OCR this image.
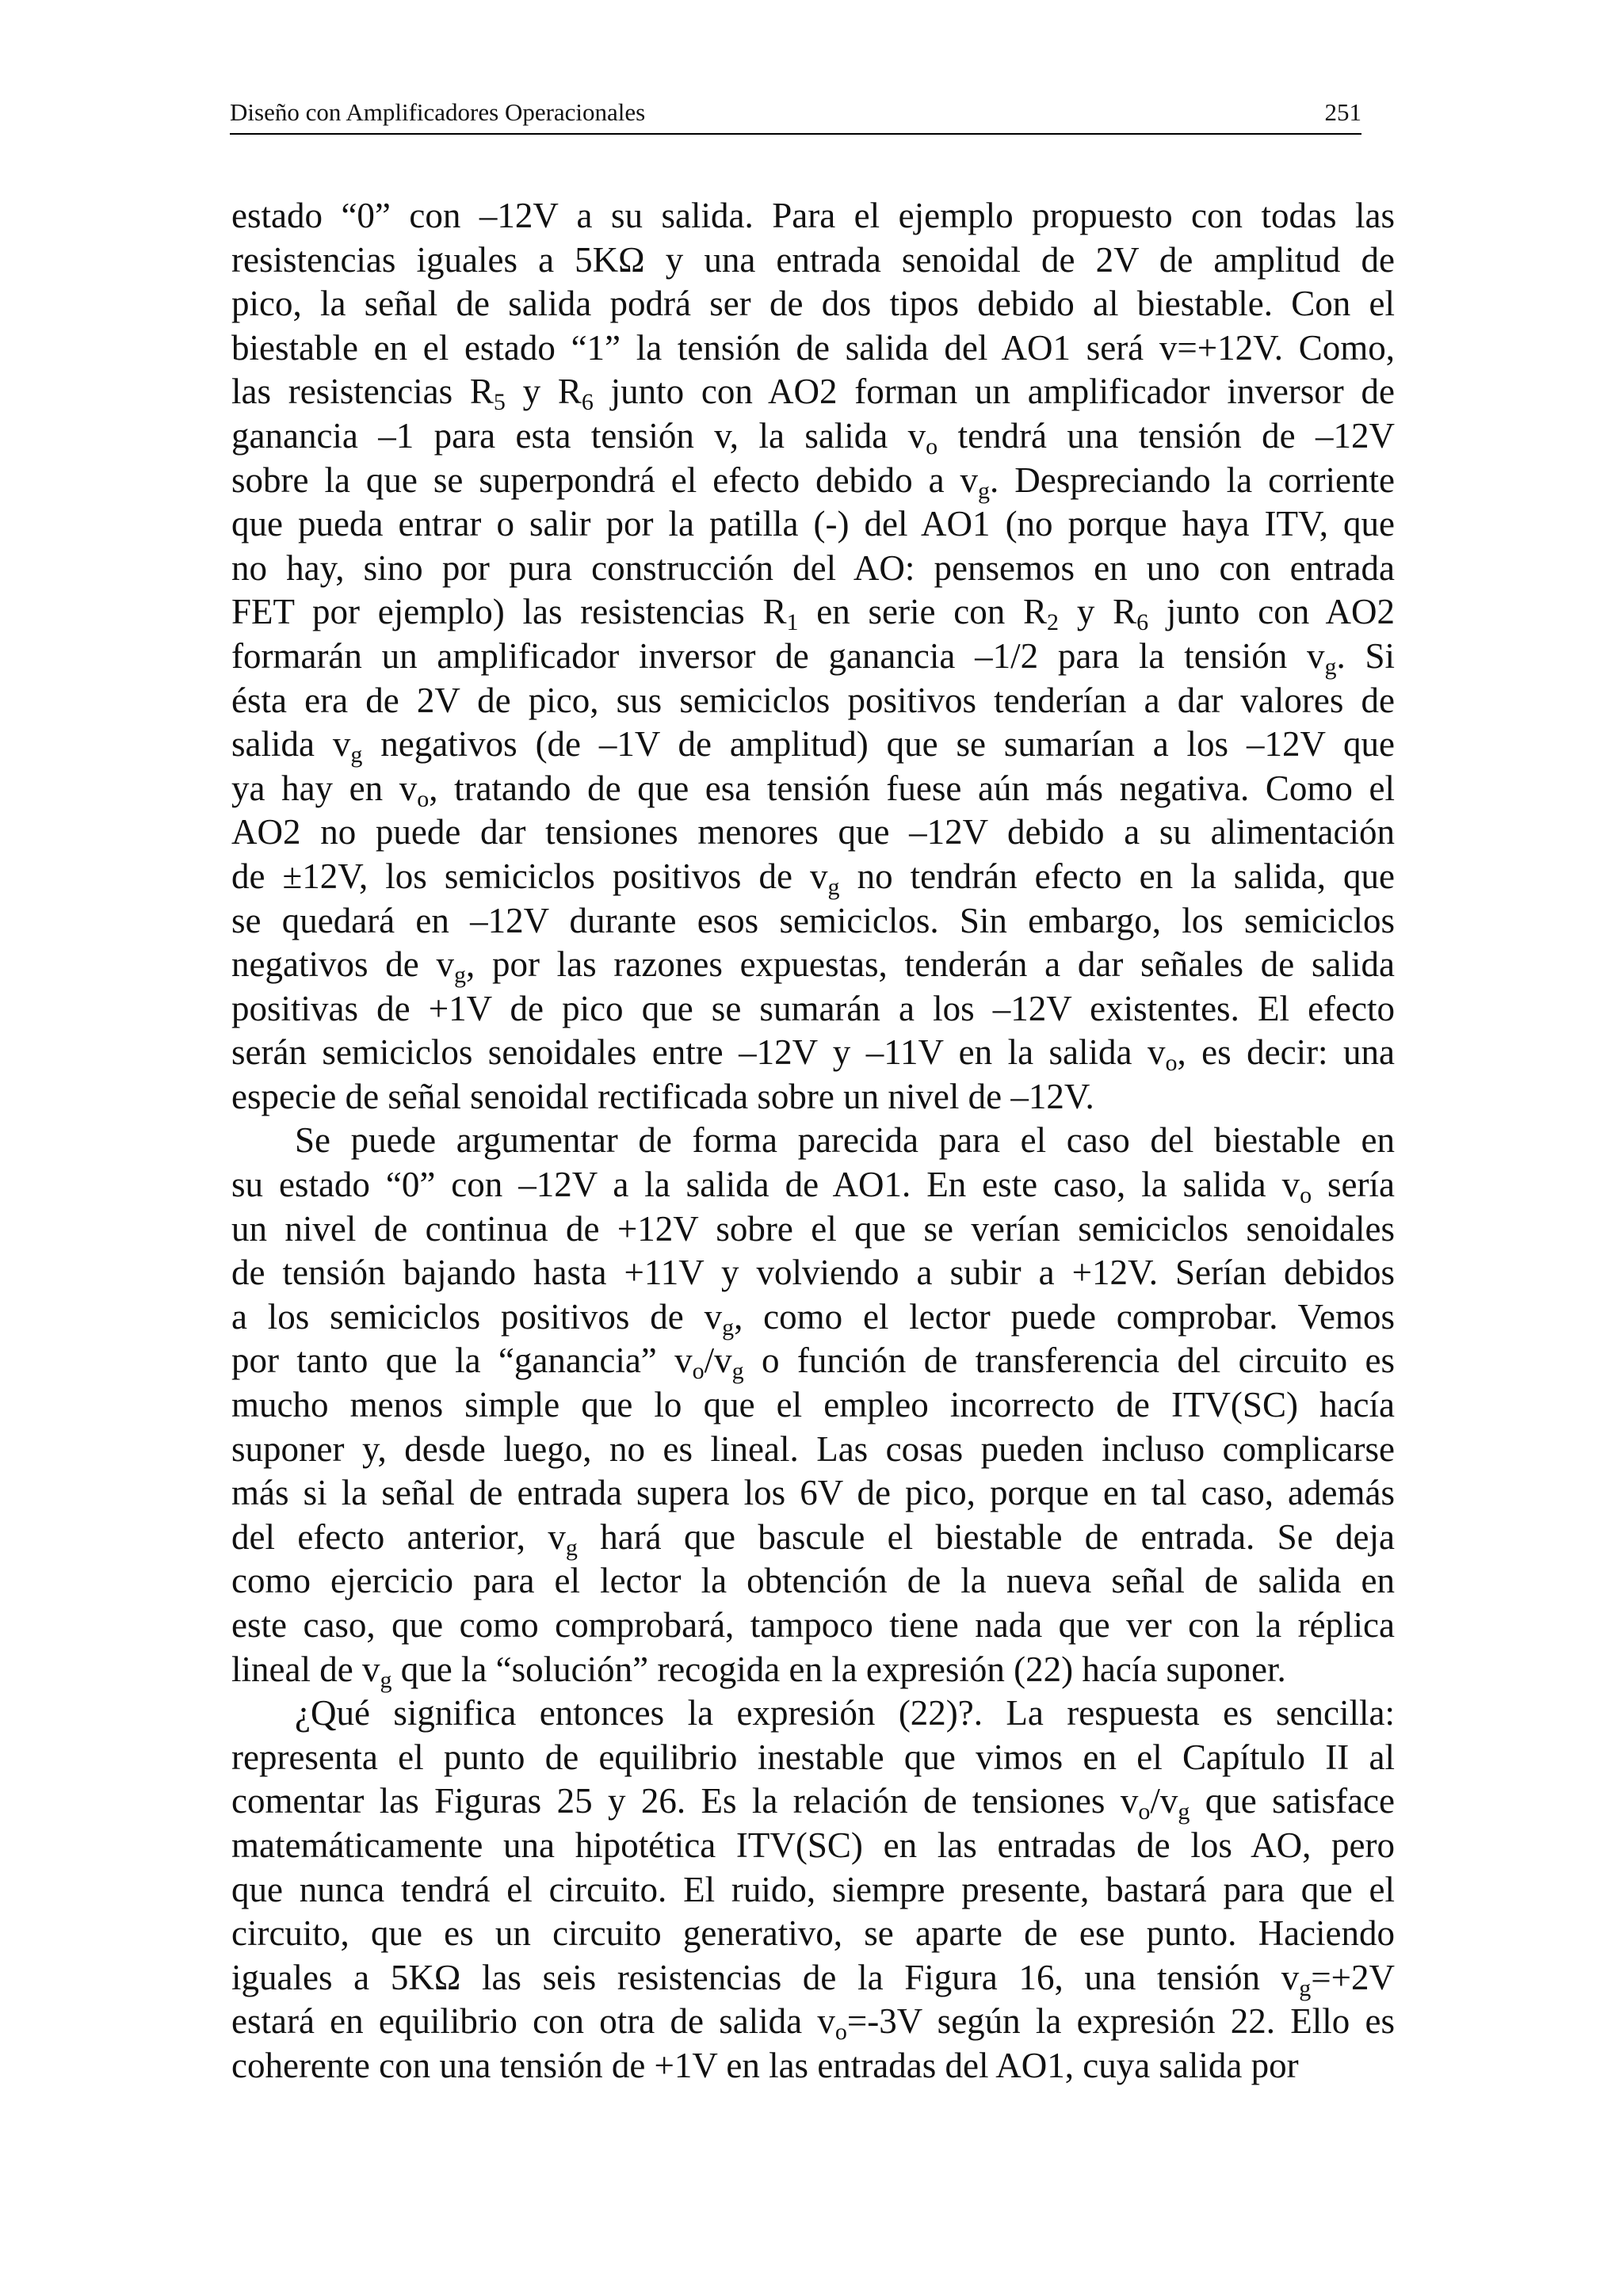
Diseño con Amplificadores Operacionales	251
estado “0” con –12V a su salida. Para el ejemplo propuesto con todas las
resistencias iguales a 5KΩ y una entrada senoidal de 2V de amplitud de
pico, la señal de salida podrá ser de dos tipos debido al biestable. Con el
biestable en el estado “1” la tensión de salida del AO1 será v=+12V. Como,
las resistencias $R_5$ y $R_6$ junto con AO2 forman un amplificador inversor de
ganancia –1 para esta tensión v, la salida $v_o$ tendrá una tensión de –12V
sobre la que se superpondrá el efecto debido a $v_g$. Despreciando la corriente
que pueda entrar o salir por la patilla (-) del AO1 (no porque haya ITV, que
no hay, sino por pura construcción del AO: pensemos en uno con entrada
FET por ejemplo) las resistencias $R_1$ en serie con $R_2$ y $R_6$ junto con AO2
formarán un amplificador inversor de ganancia –1/2 para la tensión $v_g$. Si
ésta era de 2V de pico, sus semiciclos positivos tenderían a dar valores de
salida $v_g$ negativos (de –1V de amplitud) que se sumarían a los –12V que
ya hay en $v_o$, tratando de que esa tensión fuese aún más negativa. Como el
AO2 no puede dar tensiones menores que –12V debido a su alimentación
de ±12V, los semiciclos positivos de $v_g$ no tendrán efecto en la salida, que
se quedará en –12V durante esos semiciclos. Sin embargo, los semiciclos
negativos de $v_g$, por las razones expuestas, tenderán a dar señales de salida
positivas de +1V de pico que se sumarán a los –12V existentes. El efecto
serán semiciclos senoidales entre –12V y –11V en la salida $v_o$, es decir: una
especie de señal senoidal rectificada sobre un nivel de –12V.
Se puede argumentar de forma parecida para el caso del biestable en
su estado “0” con –12V a la salida de AO1. En este caso, la salida $v_o$ sería
un nivel de continua de +12V sobre el que se verían semiciclos senoidales
de tensión bajando hasta +11V y volviendo a subir a +12V. Serían debidos
a los semiciclos positivos de $v_g$, como el lector puede comprobar. Vemos
por tanto que la “ganancia” $v_o/v_g$ o función de transferencia del circuito es
mucho menos simple que lo que el empleo incorrecto de ITV(SC) hacía
suponer y, desde luego, no es lineal. Las cosas pueden incluso complicarse
más si la señal de entrada supera los 6V de pico, porque en tal caso, además
del efecto anterior, $v_g$ hará que bascule el biestable de entrada. Se deja
como ejercicio para el lector la obtención de la nueva señal de salida en
este caso, que como comprobará, tampoco tiene nada que ver con la réplica
lineal de $v_g$ que la “solución” recogida en la expresión (22) hacía suponer.
¿Qué significa entonces la expresión (22)?. La respuesta es sencilla:
representa el punto de equilibrio inestable que vimos en el Capítulo II al
comentar las Figuras 25 y 26. Es la relación de tensiones $v_o/v_g$ que satisface
matemáticamente una hipotética ITV(SC) en las entradas de los AO, pero
que nunca tendrá el circuito. El ruido, siempre presente, bastará para que el
circuito, que es un circuito generativo, se aparte de ese punto. Haciendo
iguales a 5KΩ las seis resistencias de la Figura 16, una tensión $v_g=+2V$
estará en equilibrio con otra de salida $v_o=-3V$ según la expresión 22. Ello es
coherente con una tensión de +1V en las entradas del AO1, cuya salida por
